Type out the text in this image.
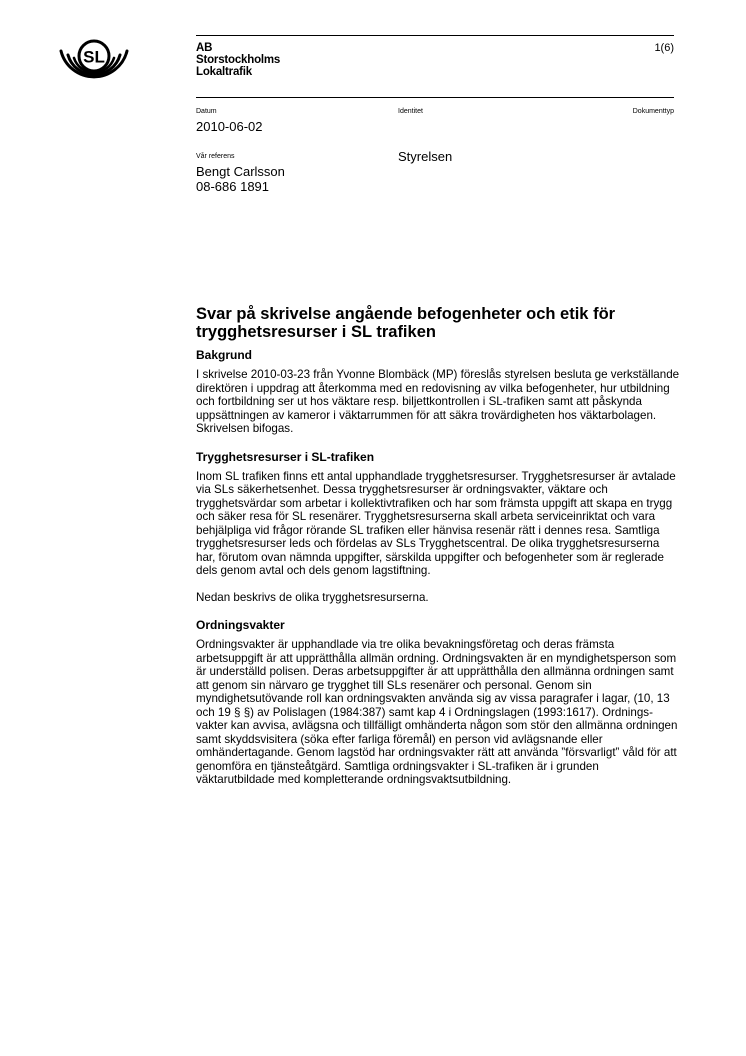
SL	AB
Storstockholms
Lokaltrafik
1(6)
Datum	Identitet	Dokumenttyp
2010-06-02
Vår referens
Bengt Carlsson
08-686 1891
Styrelsen
Svar på skrivelse angående befogenheter och etik för trygghetsresurser i SL trafiken
Bakgrund

I skrivelse 2010-03-23 från Yvonne Blombäck (MP) föreslås styrelsen besluta ge verkställande direktören i uppdrag att återkomma med en redovisning av vilka befogenheter, hur utbildning och fortbildning ser ut hos väktare resp. biljettkontrollen i SL-trafiken samt att påskynda uppsättningen av kameror i väktarrummen för att säkra trovärdigheten hos väktarbolagen. Skrivelsen bifogas.

Trygghetsresurser i SL-trafiken

Inom SL trafiken finns ett antal upphandlade trygghetsresurser. Trygghetsresurser är avtalade via SLs säkerhetsenhet. Dessa trygghetsresurser är ordningsvakter, väktare och trygghetsvärdar som arbetar i kollektivtrafiken och har som främsta uppgift att skapa en trygg och säker resa för SL resenärer. Trygghetsresurserna skall arbeta serviceinriktat och vara behjälpliga vid frågor rörande SL trafiken eller hänvisa resenär rätt i dennes resa. Samtliga trygghetsresurser leds och fördelas av SLs Trygghetscentral. De olika trygghetsresurserna har, förutom ovan nämnda uppgifter, särskilda uppgifter och befogenheter som är reglerade dels genom avtal och dels genom lagstiftning.

Nedan beskrivs de olika trygghetsresurserna.

Ordningsvakter

Ordningsvakter är upphandlade via tre olika bevakningsföretag och deras främsta arbetsuppgift är att upprätthålla allmän ordning. Ordningsvakten är en myndighetsperson som är underställd polisen. Deras arbetsuppgifter är att upprätthålla den allmänna ordningen samt att genom sin närvaro ge trygghet till SLs resenärer och personal. Genom sin myndighetsutövande roll kan ordningsvakten använda sig av vissa paragrafer i lagar, (10, 13 och 19 § §) av Polislagen (1984:387) samt kap 4 i Ordningslagen (1993:1617). Ordnings-vakter kan avvisa, avlägsna och tillfälligt omhänderta någon som stör den allmänna ordningen samt skyddsvisitera (söka efter farliga föremål) en person vid avlägsnande eller omhändertagande. Genom lagstöd har ordningsvakter rätt att använda ”försvarligt” våld för att genomföra en tjänsteåtgärd. Samtliga ordningsvakter i SL-trafiken är i grunden väktarutbildade med kompletterande ordningsvaktsutbildning.
